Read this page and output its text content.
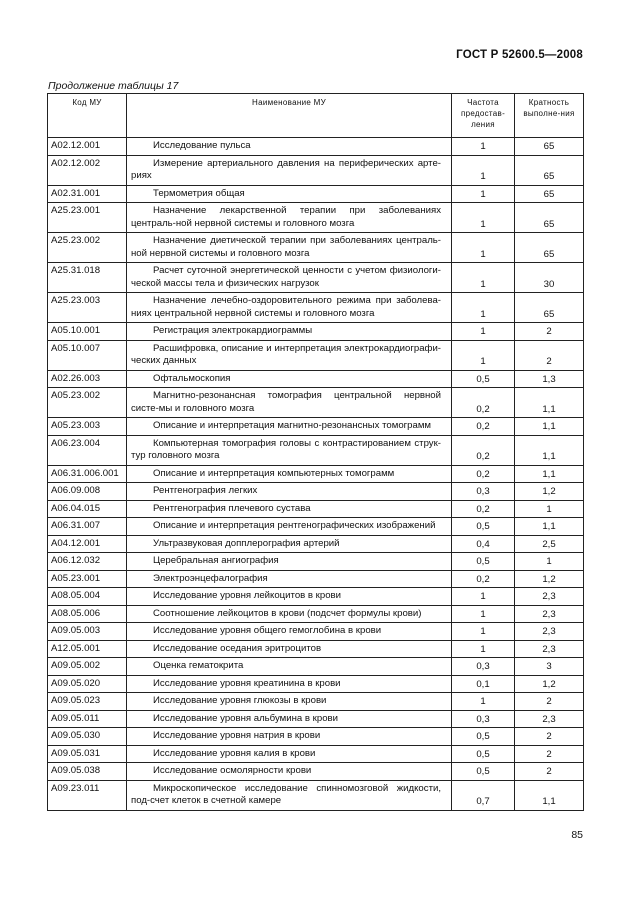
ГОСТ Р 52600.5—2008
Продолжение таблицы 17
Код МУ	Наименование МУ	Частота предостав-ления	Кратность выполне-ния
A02.12.001	Исследование пульса	1	65
A02.12.002	Измерение артериального давления на периферических арте-риях	1	65
A02.31.001	Термометрия общая	1	65
A25.23.001	Назначение лекарственной терапии при заболеваниях централь-ной нервной системы и головного мозга	1	65
A25.23.002	Назначение диетической терапии при заболеваниях централь-ной нервной системы и головного мозга	1	65
A25.31.018	Расчет суточной энергетической ценности с учетом физиологи-ческой массы тела и физических нагрузок	1	30
A25.23.003	Назначение лечебно-оздоровительного режима при заболева-ниях центральной нервной системы и головного мозга	1	65
A05.10.001	Регистрация электрокардиограммы	1	2
A05.10.007	Расшифровка, описание и интерпретация электрокардиографи-ческих данных	1	2
A02.26.003	Офтальмоскопия	0,5	1,3
A05.23.002	Магнитно-резонансная томография центральной нервной систе-мы и головного мозга	0,2	1,1
A05.23.003	Описание и интерпретация магнитно-резонансных томограмм	0,2	1,1
A06.23.004	Компьютерная томография головы с контрастированием струк-тур головного мозга	0,2	1,1
A06.31.006.001	Описание и интерпретация компьютерных томограмм	0,2	1,1
A06.09.008	Рентгенография легких	0,3	1,2
A06.04.015	Рентгенография плечевого сустава	0,2	1
A06.31.007	Описание и интерпретация рентгенографических изображений	0,5	1,1
A04.12.001	Ультразвуковая допплерография артерий	0,4	2,5
A06.12.032	Церебральная ангиография	0,5	1
A05.23.001	Электроэнцефалография	0,2	1,2
A08.05.004	Исследование уровня лейкоцитов в крови	1	2,3
A08.05.006	Соотношение лейкоцитов в крови (подсчет формулы крови)	1	2,3
A09.05.003	Исследование уровня общего гемоглобина в крови	1	2,3
A12.05.001	Исследование оседания эритроцитов	1	2,3
A09.05.002	Оценка гематокрита	0,3	3
A09.05.020	Исследование уровня креатинина в крови	0,1	1,2
A09.05.023	Исследование уровня глюкозы в крови	1	2
A09.05.011	Исследование уровня альбумина в крови	0,3	2,3
A09.05.030	Исследование уровня натрия в крови	0,5	2
A09.05.031	Исследование уровня калия в крови	0,5	2
A09.05.038	Исследование осмолярности крови	0,5	2
A09.23.011	Микроскопическое исследование спинномозговой жидкости, под-счет клеток в счетной камере	0,7	1,1
85
